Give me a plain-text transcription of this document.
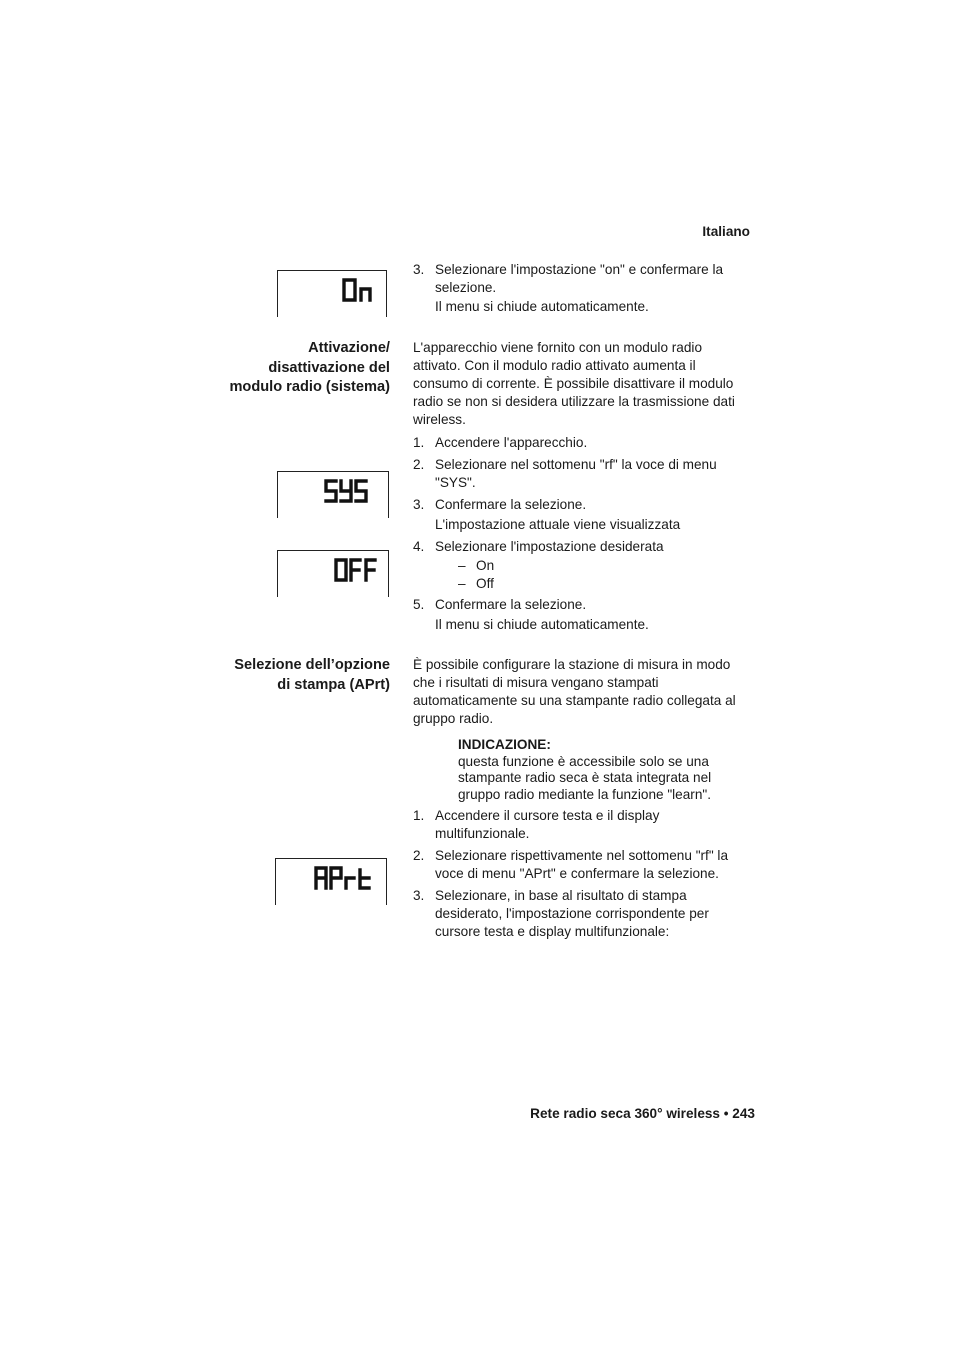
Italiano
3. Selezionare l'impostazione "on" e confermare la selezione.
Il menu si chiude automaticamente.
Attivazione/
disattivazione del
modulo radio (sistema)
L'apparecchio viene fornito con un modulo radio attivato. Con il modulo radio attivato aumenta il consumo di corrente. È possibile disattivare il modulo radio se non si desidera utilizzare la trasmissione dati wireless.
1. Accendere l'apparecchio.
2. Selezionare nel sottomenu "rf" la voce di menu "SYS".
3. Confermare la selezione.
L'impostazione attuale viene visualizzata
4. Selezionare l'impostazione desiderata
– On
– Off
5. Confermare la selezione.
Il menu si chiude automaticamente.
Selezione dell’opzione
di stampa (APrt)
È possibile configurare la stazione di misura in modo che i risultati di misura vengano stampati automaticamente su una stampante radio collegata al gruppo radio.
INDICAZIONE:
questa funzione è accessibile solo se una stampante radio seca è stata integrata nel gruppo radio mediante la funzione "learn".
1. Accendere il cursore testa e il display multifunzionale.
2. Selezionare rispettivamente nel sottomenu "rf" la voce di menu "APrt" e confermare la selezione.
3. Selezionare, in base al risultato di stampa desiderato, l'impostazione corrispondente per cursore testa e display multifunzionale:
Rete radio seca 360° wireless • 243
